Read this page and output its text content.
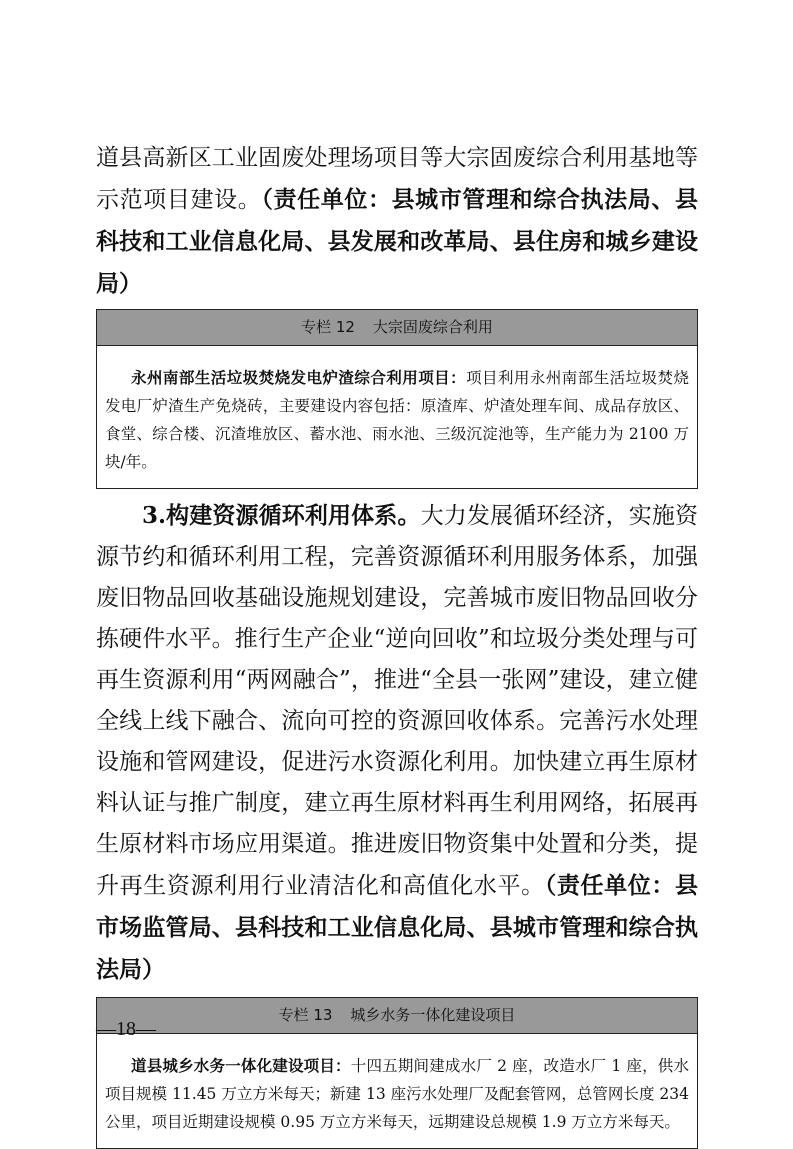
道县高新区工业固废处理场项目等大宗固废综合利用基地等示范项目建设。（责任单位：县城市管理和综合执法局、县科技和工业信息化局、县发展和改革局、县住房和城乡建设局）

专栏 12 大宗固废综合利用
永州南部生活垃圾焚烧发电炉渣综合利用项目：项目利用永州南部生活垃圾焚烧发电厂炉渣生产免烧砖，主要建设内容包括：原渣库、炉渣处理车间、成品存放区、食堂、综合楼、沉渣堆放区、蓄水池、雨水池、三级沉淀池等，生产能力为 2100 万块/年。

3.构建资源循环利用体系。大力发展循环经济，实施资源节约和循环利用工程，完善资源循环利用服务体系，加强废旧物品回收基础设施规划建设，完善城市废旧物品回收分拣硬件水平。推行生产企业“逆向回收”和垃圾分类处理与可再生资源利用“两网融合”，推进“全县一张网”建设，建立健全线上线下融合、流向可控的资源回收体系。完善污水处理设施和管网建设，促进污水资源化利用。加快建立再生原材料认证与推广制度，建立再生原材料再生利用网络，拓展再生原材料市场应用渠道。推进废旧物资集中处置和分类，提升再生资源利用行业清洁化和高值化水平。（责任单位：县市场监管局、县科技和工业信息化局、县城市管理和综合执法局）

专栏 13 城乡水务一体化建设项目
道县城乡水务一体化建设项目：十四五期间建成水厂 2 座，改造水厂 1 座，供水项目规模 11.45 万立方米每天；新建 13 座污水处理厂及配套管网，总管网长度 234 公里，项目近期建设规模 0.95 万立方米每天，远期建设总规模 1.9 万立方米每天。
—18—
